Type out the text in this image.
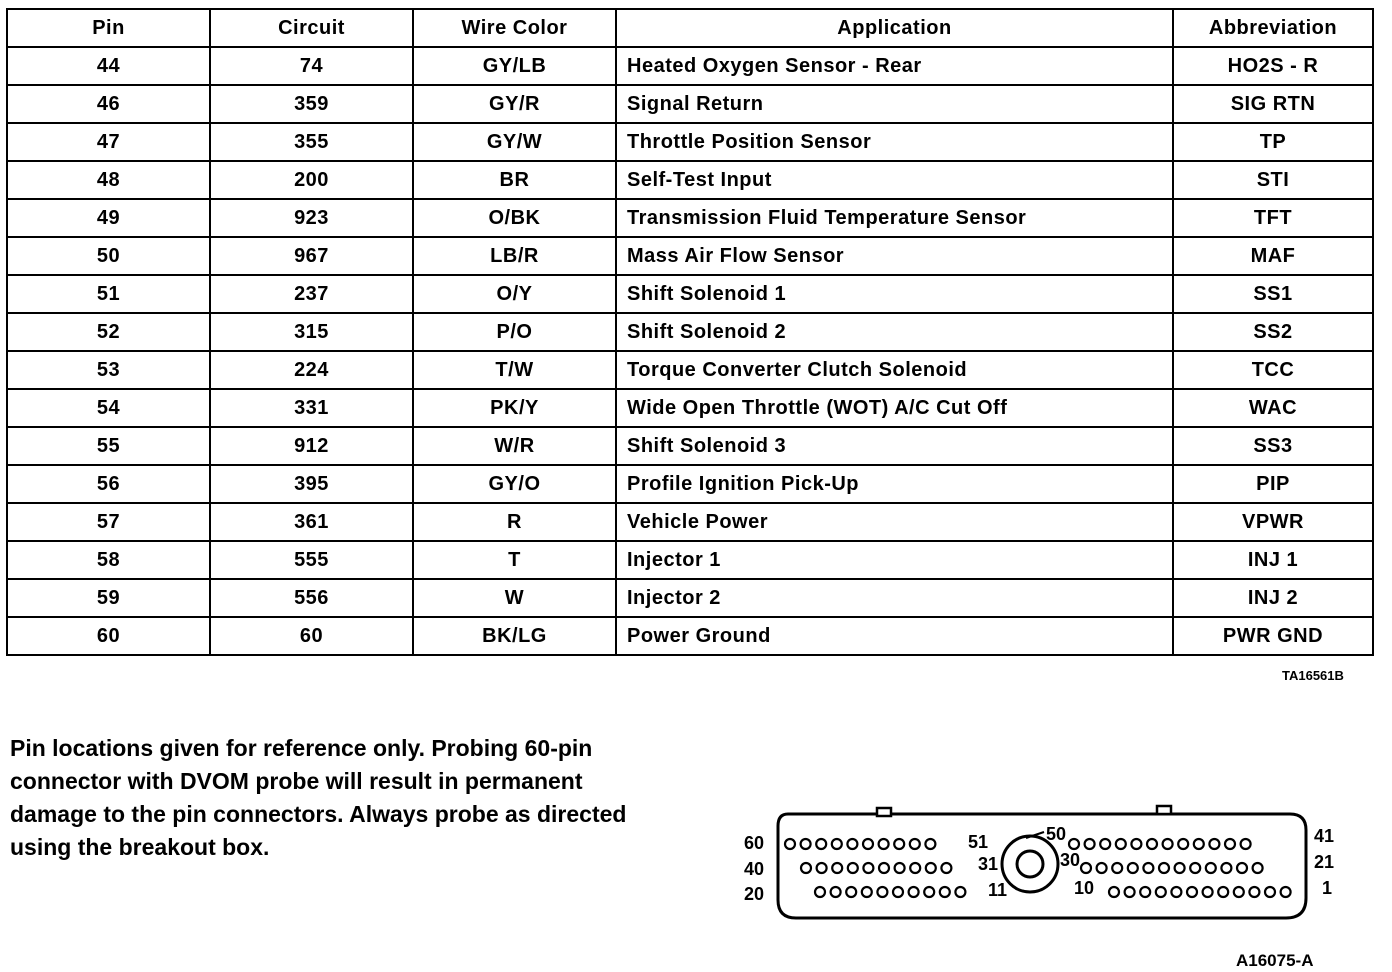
Pin	Circuit	Wire Color	Application	Abbreviation
44	74	GY/LB	Heated Oxygen Sensor - Rear	HO2S - R
46	359	GY/R	Signal Return	SIG RTN
47	355	GY/W	Throttle Position Sensor	TP
48	200	BR	Self-Test Input	STI
49	923	O/BK	Transmission Fluid Temperature Sensor	TFT
50	967	LB/R	Mass Air Flow Sensor	MAF
51	237	O/Y	Shift Solenoid 1	SS1
52	315	P/O	Shift Solenoid 2	SS2
53	224	T/W	Torque Converter Clutch Solenoid	TCC
54	331	PK/Y	Wide Open Throttle (WOT) A/C Cut Off	WAC
55	912	W/R	Shift Solenoid 3	SS3
56	395	GY/O	Profile Ignition Pick-Up	PIP
57	361	R	Vehicle Power	VPWR
58	555	T	Injector 1	INJ 1
59	556	W	Injector 2	INJ 2
60	60	BK/LG	Power Ground	PWR GND
TA16561B
Pin locations given for reference only. Probing 60-pin connector with DVOM probe will result in permanent damage to the pin connectors. Always probe as directed using the breakout box.	60
40
20
41
21
1
51
31
11
50
30
10
A16075-A
